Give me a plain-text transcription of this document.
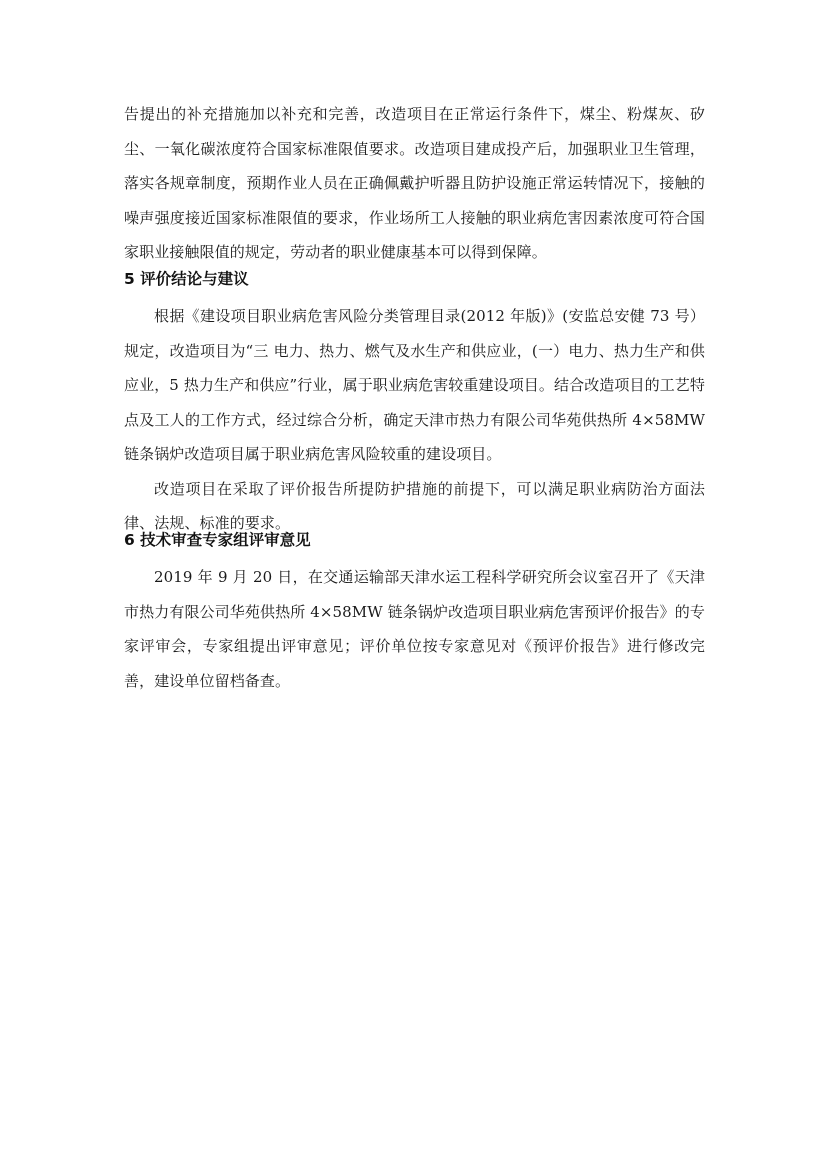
告提出的补充措施加以补充和完善，改造项目在正常运行条件下，煤尘、粉煤灰、矽尘、一氧化碳浓度符合国家标准限值要求。改造项目建成投产后，加强职业卫生管理，落实各规章制度，预期作业人员在正确佩戴护听器且防护设施正常运转情况下，接触的噪声强度接近国家标准限值的要求，作业场所工人接触的职业病危害因素浓度可符合国家职业接触限值的规定，劳动者的职业健康基本可以得到保障。

5 评价结论与建议

根据《建设项目职业病危害风险分类管理目录(2012 年版)》(安监总安健 73 号）规定，改造项目为“三 电力、热力、燃气及水生产和供应业，(一）电力、热力生产和供应业，5 热力生产和供应”行业，属于职业病危害较重建设项目。结合改造项目的工艺特点及工人的工作方式，经过综合分析，确定天津市热力有限公司华苑供热所 4×58MW 链条锅炉改造项目属于职业病危害风险较重的建设项目。

改造项目在采取了评价报告所提防护措施的前提下，可以满足职业病防治方面法律、法规、标准的要求。

6 技术审查专家组评审意见

2019 年 9 月 20 日，在交通运输部天津水运工程科学研究所会议室召开了《天津市热力有限公司华苑供热所 4×58MW 链条锅炉改造项目职业病危害预评价报告》的专家评审会，专家组提出评审意见；评价单位按专家意见对《预评价报告》进行修改完善，建设单位留档备查。
